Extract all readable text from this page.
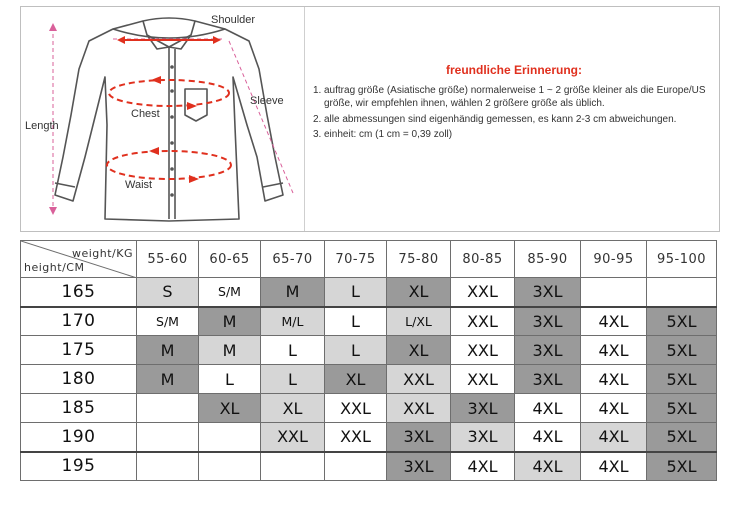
Shoulder
Sleeve
Length
Chest
Waist
freundliche Erinnerung:
1. auftrag größe (Asiatische größe) normalerweise 1 ~ 2 größe kleiner als die Europe/US größe, wir empfehlen ihnen, wählen 2 größere größe als üblich.
2. alle abmessungen sind eigenhändig gemessen, es kann 2-3 cm abweichungen.
3. einheit: cm (1 cm = 0,39 zoll)
weight/KG
height/CM	55-60	60-65	65-70	70-75	75-80	80-85	85-90	90-95	95-100
165	S	S/M	M	L	XL	XXL	3XL		
170	S/M	M	M/L	L	L/XL	XXL	3XL	4XL	5XL
175	M	M	L	L	XL	XXL	3XL	4XL	5XL
180	M	L	L	XL	XXL	XXL	3XL	4XL	5XL
185		XL	XL	XXL	XXL	3XL	4XL	4XL	5XL
190			XXL	XXL	3XL	3XL	4XL	4XL	5XL
195					3XL	4XL	4XL	4XL	5XL
